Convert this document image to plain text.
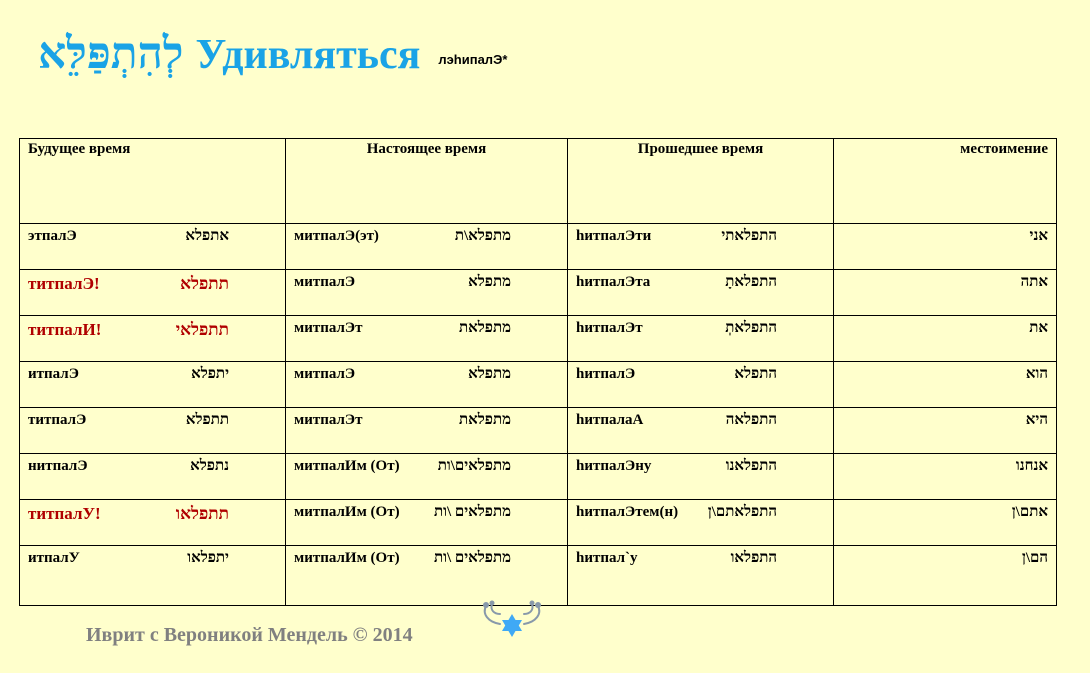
לְהִתְפַּלֵּא Удивляться лэhипалЭ*
Будущее время	Настоящее время	Прошедшее время	местоимение

этпалЭ אתפלא	митпалЭ(эт) מתפלא\ת	hитпалЭти התפלאתי	אני

титпалЭ! תתפלא	митпалЭ מתפלא	hитпалЭта התפלאתָ	אתה

титпалИ! תתפלאי	митпалЭт מתפלאת	hитпалЭт התפלאתְ	את

итпалЭ יתפלא	митпалЭ מתפלא	hитпалЭ התפלא	הוא

титпалЭ תתפלא	митпалЭт מתפלאת	hитпалаА התפלאה	היא

нитпалЭ נתפלא	митпалИм (От) מתפלאים\ות	hитпалЭну התפלאנו	אנחנו

титпалУ! תתפלאו	митпалИм (От) מתפלאים \ות	hитпалЭтем(н) התפלאתם\ן	אתם\ן

итпалУ יתפלאו	митпалИм (От) מתפלאים \ות	hитпал`у התפלאו	הם\ן
Иврит с Вероникой Мендель © 2014
